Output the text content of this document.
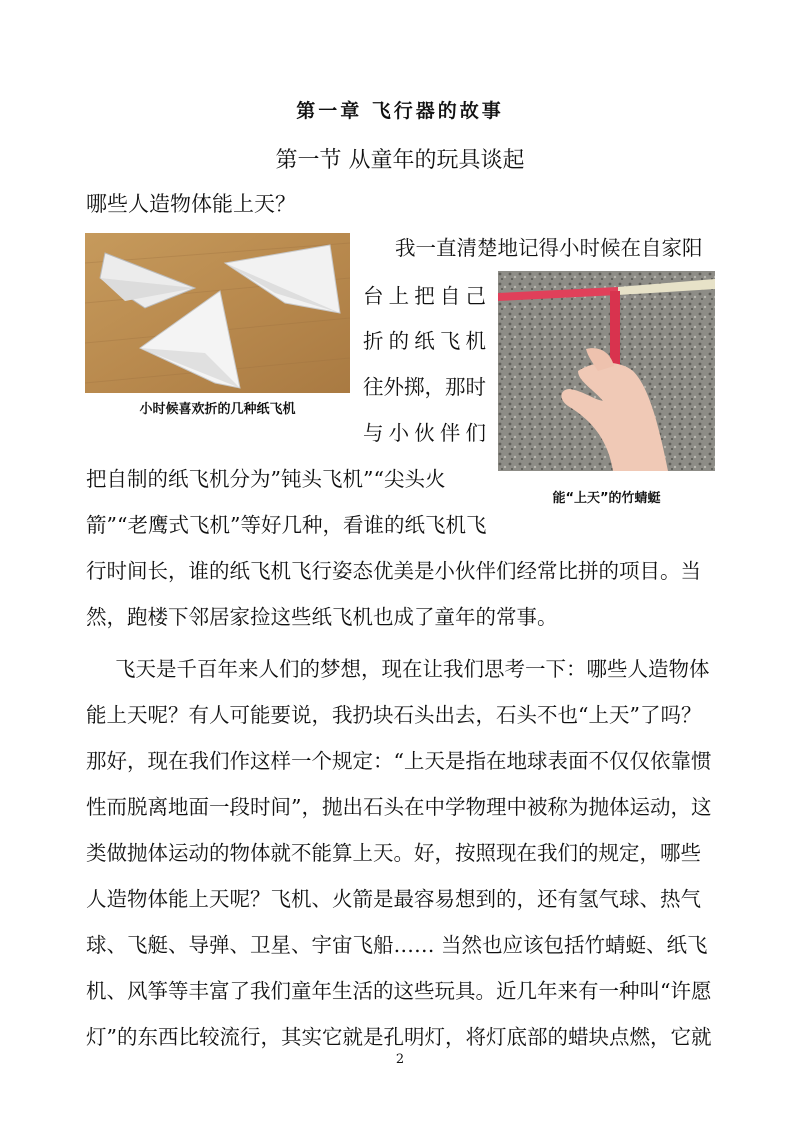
第一章 飞行器的故事
第一节 从童年的玩具谈起
哪些人造物体能上天？
小时候喜欢折的几种纸飞机
能“上天”的竹蜻蜓
我一直清楚地记得小时候在自家阳
台 上 把 自 己
折 的 纸 飞 机
往外掷，那时
与 小 伙 伴 们
把自制的纸飞机分为”钝头飞机”“尖头火
箭”“老鹰式飞机”等好几种，看谁的纸飞机飞
行时间长，谁的纸飞机飞行姿态优美是小伙伴们经常比拼的项目。当
然，跑楼下邻居家捡这些纸飞机也成了童年的常事。
飞天是千百年来人们的梦想，现在让我们思考一下：哪些人造物体
能上天呢？有人可能要说，我扔块石头出去，石头不也“上天”了吗？
那好，现在我们作这样一个规定：“上天是指在地球表面不仅仅依靠惯
性而脱离地面一段时间”，抛出石头在中学物理中被称为抛体运动，这
类做抛体运动的物体就不能算上天。好，按照现在我们的规定，哪些
人造物体能上天呢？飞机、火箭是最容易想到的，还有氢气球、热气
球、飞艇、导弹、卫星、宇宙飞船…… 当然也应该包括竹蜻蜓、纸飞
机、风筝等丰富了我们童年生活的这些玩具。近几年来有一种叫“许愿
灯”的东西比较流行，其实它就是孔明灯，将灯底部的蜡块点燃，它就
2
